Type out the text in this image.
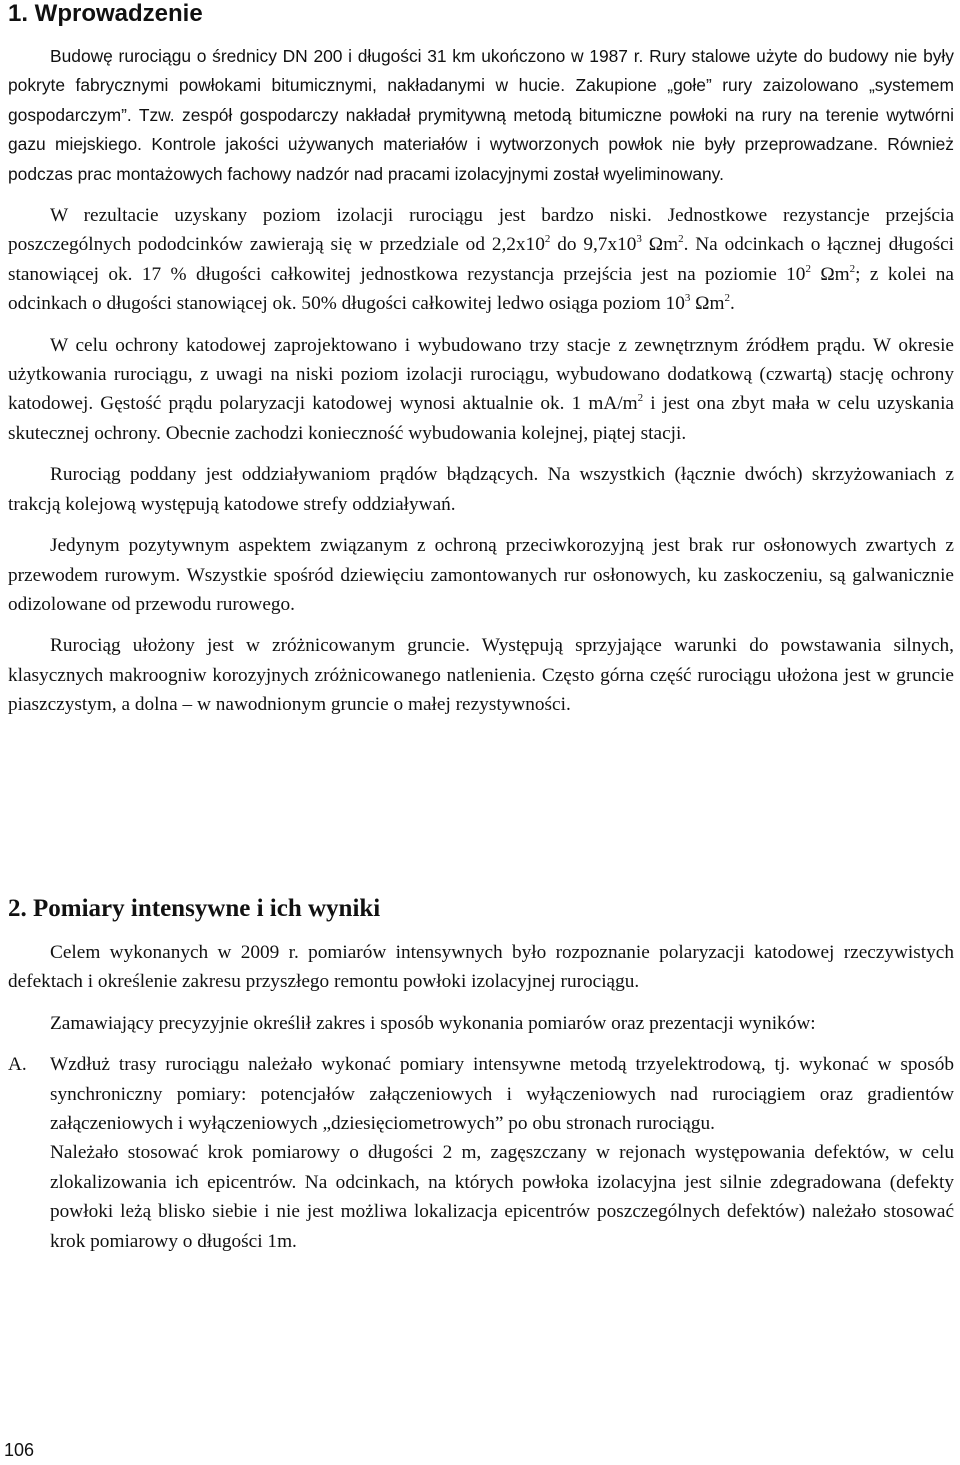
1. Wprowadzenie

Budowę rurociągu o średnicy DN 200 i długości 31 km ukończono w 1987 r. Rury stalowe użyte do budowy nie były pokryte fabrycznymi powłokami bitumicznymi, nakładanymi w hucie. Zakupione „gołe” rury zaizolowano „systemem gospodarczym”. Tzw. zespół gospodarczy nakładał prymitywną metodą bitumiczne powłoki na rury na terenie wytwórni gazu miejskiego. Kontrole jakości używanych materiałów i wytworzonych powłok nie były przeprowadzane. Również podczas prac montażowych fachowy nadzór nad pracami izolacyjnymi został wyeliminowany.

W rezultacie uzyskany poziom izolacji rurociągu jest bardzo niski. Jednostkowe rezystancje przejścia poszczególnych pododcinków zawierają się w przedziale od $2,2x10^2$ do $9,7x10^3$ $\Omega m^2$. Na odcinkach o łącznej długości stanowiącej ok. 17 % długości całkowitej jednostkowa rezystancja przejścia jest na poziomie $10^2$ $\Omega m^2$; z kolei na odcinkach o długości stanowiącej ok. 50% długości całkowitej ledwo osiąga poziom $10^3$ $\Omega m^2$.

W celu ochrony katodowej zaprojektowano i wybudowano trzy stacje z zewnętrznym źródłem prądu. W okresie użytkowania rurociągu, z uwagi na niski poziom izolacji rurociągu, wybudowano dodatkową (czwartą) stację ochrony katodowej. Gęstość prądu polaryzacji katodowej wynosi aktualnie ok. 1 $mA/m^2$ i jest ona zbyt mała w celu uzyskania skutecznej ochrony. Obecnie zachodzi konieczność wybudowania kolejnej, piątej stacji.

Rurociąg poddany jest oddziaływaniom prądów błądzących. Na wszystkich (łącznie dwóch) skrzyżowaniach z trakcją kolejową występują katodowe strefy oddziaływań.

Jedynym pozytywnym aspektem związanym z ochroną przeciwkorozyjną jest brak rur osłonowych zwartych z przewodem rurowym. Wszystkie spośród dziewięciu zamontowanych rur osłonowych, ku zaskoczeniu, są galwanicznie odizolowane od przewodu rurowego.

Rurociąg ułożony jest w zróżnicowanym gruncie. Występują sprzyjające warunki do powstawania silnych, klasycznych makroogniw korozyjnych zróżnicowanego natlenienia. Często górna część rurociągu ułożona jest w gruncie piaszczystym, a dolna – w nawodnionym gruncie o małej rezystywności.

2. Pomiary intensywne i ich wyniki

Celem wykonanych w 2009 r. pomiarów intensywnych było rozpoznanie polaryzacji katodowej rzeczywistych defektach i określenie zakresu przyszłego remontu powłoki izolacyjnej rurociągu.

Zamawiający precyzyjnie określił zakres i sposób wykonania pomiarów oraz prezentacji wyników:

A. Wzdłuż trasy rurociągu należało wykonać pomiary intensywne metodą trzyelektrodową, tj. wykonać w sposób synchroniczny pomiary: potencjałów załączeniowych i wyłączeniowych nad rurociągiem oraz gradientów załączeniowych i wyłączeniowych „dziesięciometrowych” po obu stronach rurociągu.
Należało stosować krok pomiarowy o długości 2 m, zagęszczany w rejonach występowania defektów, w celu zlokalizowania ich epicentrów. Na odcinkach, na których powłoka izolacyjna jest silnie zdegradowana (defekty powłoki leżą blisko siebie i nie jest możliwa lokalizacja epicentrów poszczególnych defektów) należało stosować krok pomiarowy o długości 1m.
106
